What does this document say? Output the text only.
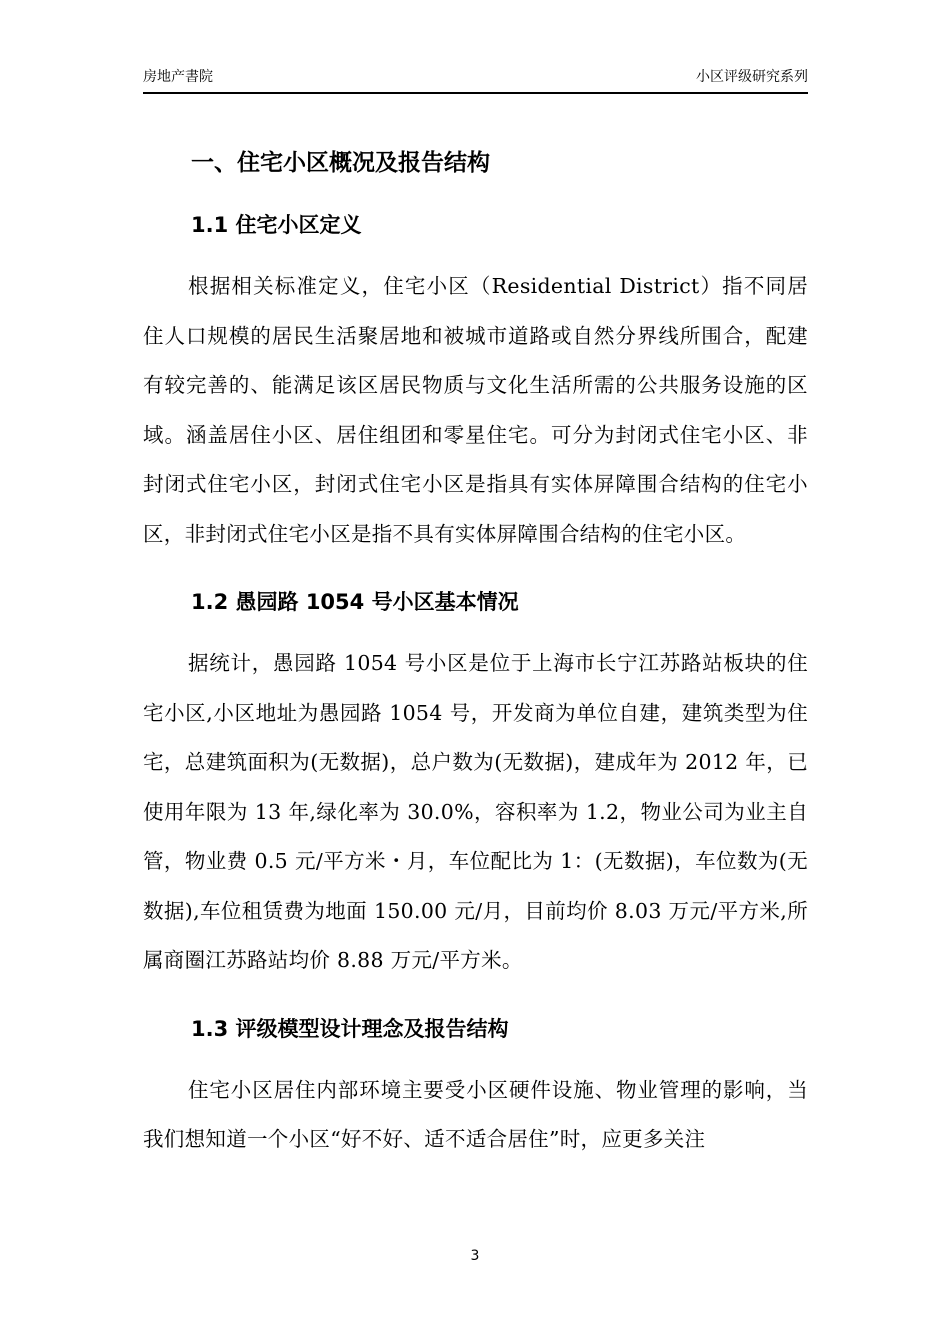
房地产書院	小区评级研究系列
一、住宅小区概况及报告结构
1.1 住宅小区定义

根据相关标准定义，住宅小区（Residential District）指不同居住人口规模的居民生活聚居地和被城市道路或自然分界线所围合，配建有较完善的、能满足该区居民物质与文化生活所需的公共服务设施的区域。涵盖居住小区、居住组团和零星住宅。可分为封闭式住宅小区、非封闭式住宅小区，封闭式住宅小区是指具有实体屏障围合结构的住宅小区，非封闭式住宅小区是指不具有实体屏障围合结构的住宅小区。

1.2 愚园路 1054 号小区基本情况

据统计，愚园路 1054 号小区是位于上海市长宁江苏路站板块的住宅小区,小区地址为愚园路 1054 号，开发商为单位自建，建筑类型为住宅，总建筑面积为(无数据)，总户数为(无数据)，建成年为 2012 年，已使用年限为 13 年,绿化率为 30.0%，容积率为 1.2，物业公司为业主自管，物业费 0.5 元/平方米・月，车位配比为 1：(无数据)，车位数为(无数据),车位租赁费为地面 150.00 元/月，目前均价 8.03 万元/平方米,所属商圈江苏路站均价 8.88 万元/平方米。

1.3 评级模型设计理念及报告结构

住宅小区居住内部环境主要受小区硬件设施、物业管理的影响，当我们想知道一个小区“好不好、适不适合居住”时，应更多关注

3
